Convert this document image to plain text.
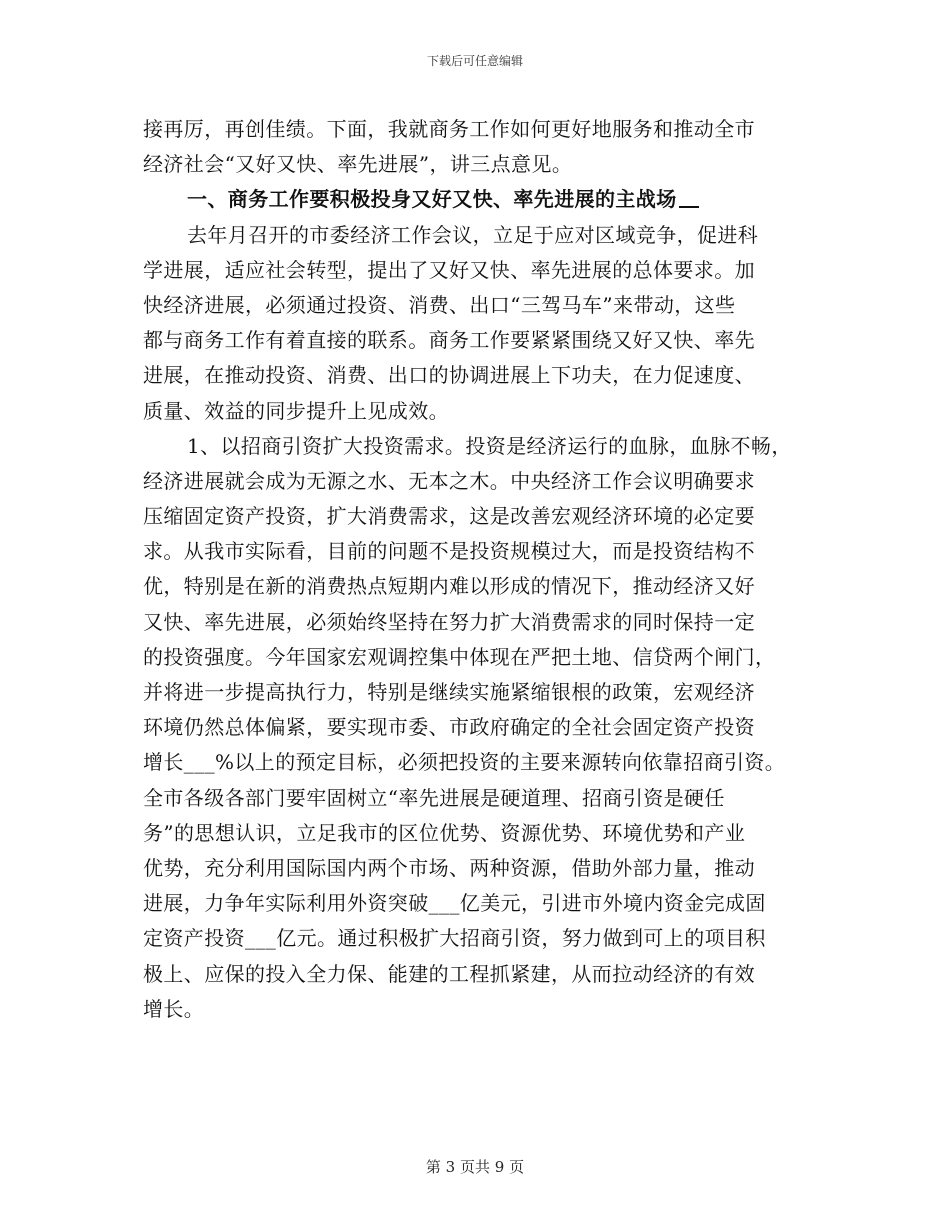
下载后可任意编辑
接再厉，再创佳绩。下面，我就商务工作如何更好地服务和推动全市
经济社会“又好又快、率先进展”，讲三点意见。
一、商务工作要积极投身又好又快、率先进展的主战场
去年月召开的市委经济工作会议，立足于应对区域竞争，促进科
学进展，适应社会转型，提出了又好又快、率先进展的总体要求。加
快经济进展，必须通过投资、消费、出口“三驾马车”来带动，这些
都与商务工作有着直接的联系。商务工作要紧紧围绕又好又快、率先
进展，在推动投资、消费、出口的协调进展上下功夫，在力促速度、
质量、效益的同步提升上见成效。
1、以招商引资扩大投资需求。投资是经济运行的血脉，血脉不畅，
经济进展就会成为无源之水、无本之木。中央经济工作会议明确要求
压缩固定资产投资，扩大消费需求，这是改善宏观经济环境的必定要
求。从我市实际看，目前的问题不是投资规模过大，而是投资结构不
优，特别是在新的消费热点短期内难以形成的情况下，推动经济又好
又快、率先进展，必须始终坚持在努力扩大消费需求的同时保持一定
的投资强度。今年国家宏观调控集中体现在严把土地、信贷两个闸门，
并将进一步提高执行力，特别是继续实施紧缩银根的政策，宏观经济
环境仍然总体偏紧，要实现市委、市政府确定的全社会固定资产投资
增长___%以上的预定目标，必须把投资的主要来源转向依靠招商引资。
全市各级各部门要牢固树立“率先进展是硬道理、招商引资是硬任
务”的思想认识，立足我市的区位优势、资源优势、环境优势和产业
优势，充分利用国际国内两个市场、两种资源，借助外部力量，推动
进展，力争年实际利用外资突破___亿美元，引进市外境内资金完成固
定资产投资___亿元。通过积极扩大招商引资，努力做到可上的项目积
极上、应保的投入全力保、能建的工程抓紧建，从而拉动经济的有效
增长。
第 3 页共 9 页
